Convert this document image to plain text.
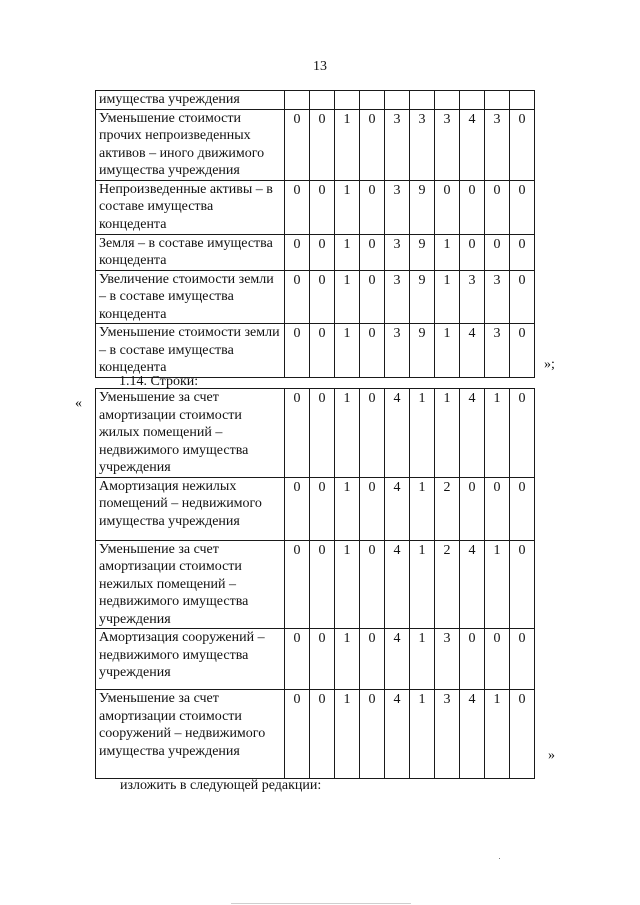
13
имущества учреждения										
Уменьшение стоимости прочих непроизведенных активов – иного движимого имущества учреждения	0	0	1	0	3	3	3	4	3	0
Непроизведенные активы – в составе имущества концедента	0	0	1	0	3	9	0	0	0	0
Земля – в составе имущества концедента	0	0	1	0	3	9	1	0	0	0
Увеличение стоимости земли – в составе имущества концедента	0	0	1	0	3	9	1	3	3	0
Уменьшение стоимости земли – в составе имущества концедента	0	0	1	0	3	9	1	4	3	0
»;
1.14. Строки:
« Уменьшение за счет амортизации стоимости жилых помещений – недвижимого имущества учреждения	0	0	1	0	4	1	1	4	1	0
Амортизация нежилых помещений – недвижимого имущества учреждения	0	0	1	0	4	1	2	0	0	0
Уменьшение за счет амортизации стоимости нежилых помещений – недвижимого имущества учреждения	0	0	1	0	4	1	2	4	1	0
Амортизация сооружений – недвижимого имущества учреждения	0	0	1	0	4	1	3	0	0	0
Уменьшение за счет амортизации стоимости сооружений – недвижимого имущества учреждения	0	0	1	0	4	1	3	4	1	0
»
изложить в следующей редакции:
